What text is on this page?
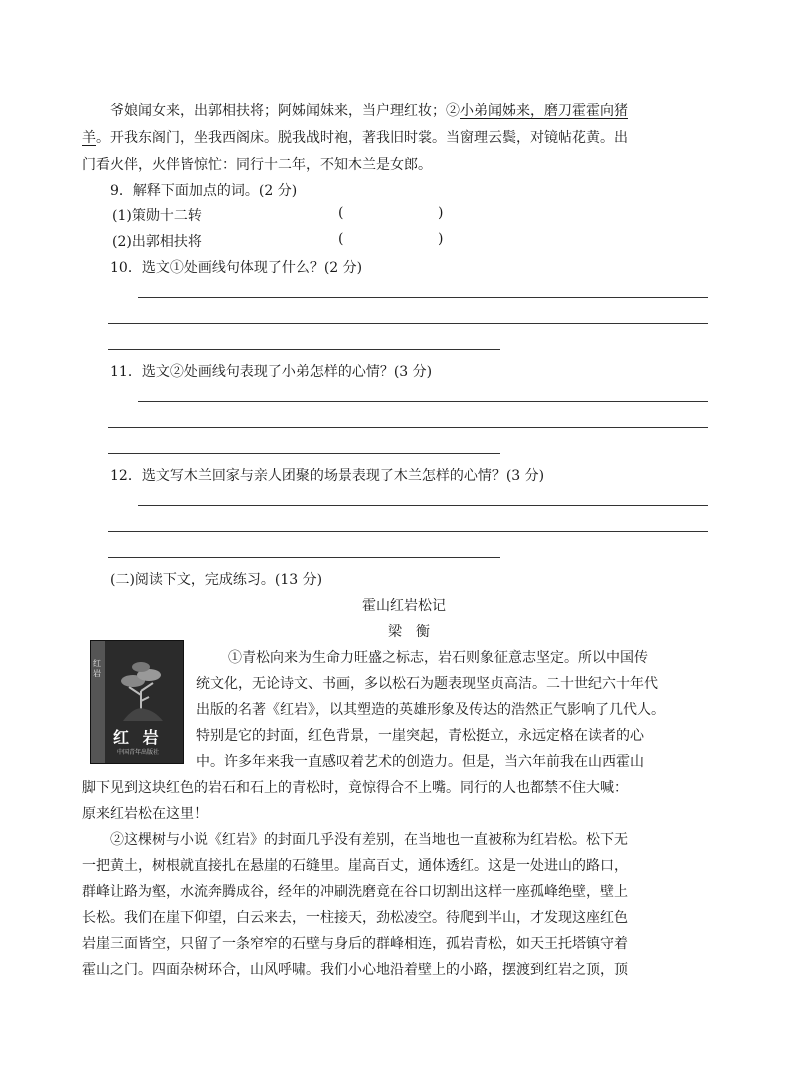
爷娘闻女来，出郭相扶将；阿姊闻妹来，当户理红妆；②小弟闻姊来，磨刀霍霍向猪
羊。开我东阁门，坐我西阁床。脱我战时袍，著我旧时裳。当窗理云鬓，对镜帖花黄。出
门看火伴，火伴皆惊忙：同行十二年，不知木兰是女郎。
9．解释下面加点的词。(2 分)
(1)策勋十二转	(	)
(2)出郭相扶将	(	)
10．选文①处画线句体现了什么？(2 分)
11．选文②处画线句表现了小弟怎样的心情？(3 分)
12．选文写木兰回家与亲人团聚的场景表现了木兰怎样的心情？(3 分)
(二)阅读下文，完成练习。(13 分)
霍山红岩松记
梁　衡
红岩
红 岩
中国青年出版社
①青松向来为生命力旺盛之标志，岩石则象征意志坚定。所以中国传
统文化，无论诗文、书画，多以松石为题表现坚贞高洁。二十世纪六十年代
出版的名著《红岩》，以其塑造的英雄形象及传达的浩然正气影响了几代人。
特别是它的封面，红色背景，一崖突起，青松挺立，永远定格在读者的心
中。许多年来我一直感叹着艺术的创造力。但是，当六年前我在山西霍山
脚下见到这块红色的岩石和石上的青松时，竟惊得合不上嘴。同行的人也都禁不住大喊：
原来红岩松在这里！
②这棵树与小说《红岩》的封面几乎没有差别，在当地也一直被称为红岩松。松下无
一把黄土，树根就直接扎在悬崖的石缝里。崖高百丈，通体透红。这是一处进山的路口，
群峰让路为壑，水流奔腾成谷，经年的冲刷洗磨竟在谷口切割出这样一座孤峰绝壁，壁上
长松。我们在崖下仰望，白云来去，一柱接天，劲松凌空。待爬到半山，才发现这座红色
岩崖三面皆空，只留了一条窄窄的石壁与身后的群峰相连，孤岩青松，如天王托塔镇守着
霍山之门。四面杂树环合，山风呼啸。我们小心地沿着壁上的小路，摆渡到红岩之顶，顶
